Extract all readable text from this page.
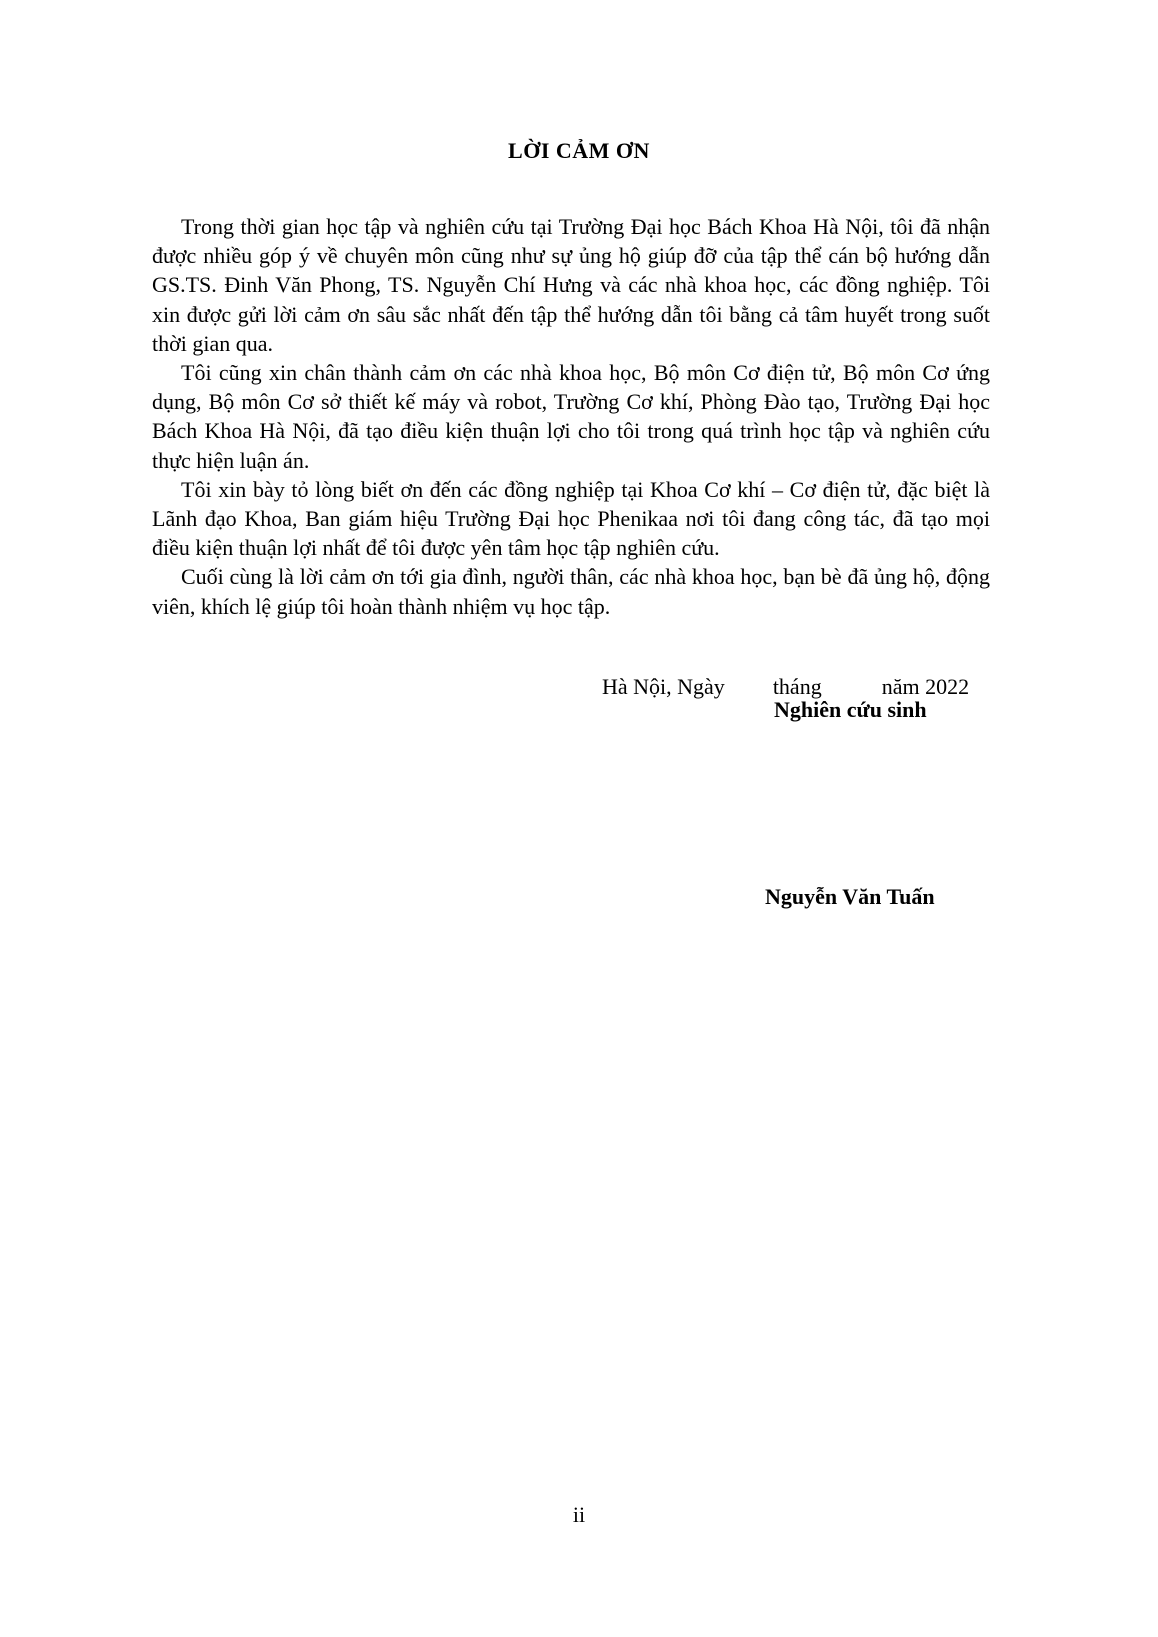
LỜI CẢM ƠN

Trong thời gian học tập và nghiên cứu tại Trường Đại học Bách Khoa Hà Nội, tôi đã nhận được nhiều góp ý về chuyên môn cũng như sự ủng hộ giúp đỡ của tập thể cán bộ hướng dẫn GS.TS. Đinh Văn Phong, TS. Nguyễn Chí Hưng và các nhà khoa học, các đồng nghiệp. Tôi xin được gửi lời cảm ơn sâu sắc nhất đến tập thể hướng dẫn tôi bằng cả tâm huyết trong suốt thời gian qua.

Tôi cũng xin chân thành cảm ơn các nhà khoa học, Bộ môn Cơ điện tử, Bộ môn Cơ ứng dụng, Bộ môn Cơ sở thiết kế máy và robot, Trường Cơ khí, Phòng Đào tạo, Trường Đại học Bách Khoa Hà Nội, đã tạo điều kiện thuận lợi cho tôi trong quá trình học tập và nghiên cứu thực hiện luận án.

Tôi xin bày tỏ lòng biết ơn đến các đồng nghiệp tại Khoa Cơ khí – Cơ điện tử, đặc biệt là Lãnh đạo Khoa, Ban giám hiệu Trường Đại học Phenikaa nơi tôi đang công tác, đã tạo mọi điều kiện thuận lợi nhất để tôi được yên tâm học tập nghiên cứu.

Cuối cùng là lời cảm ơn tới gia đình, người thân, các nhà khoa học, bạn bè đã ủng hộ, động viên, khích lệ giúp tôi hoàn thành nhiệm vụ học tập.

Hà Nội, Ngày tháng	năm 2022

Nghiên cứu sinh
Nguyễn Văn Tuấn
ii
